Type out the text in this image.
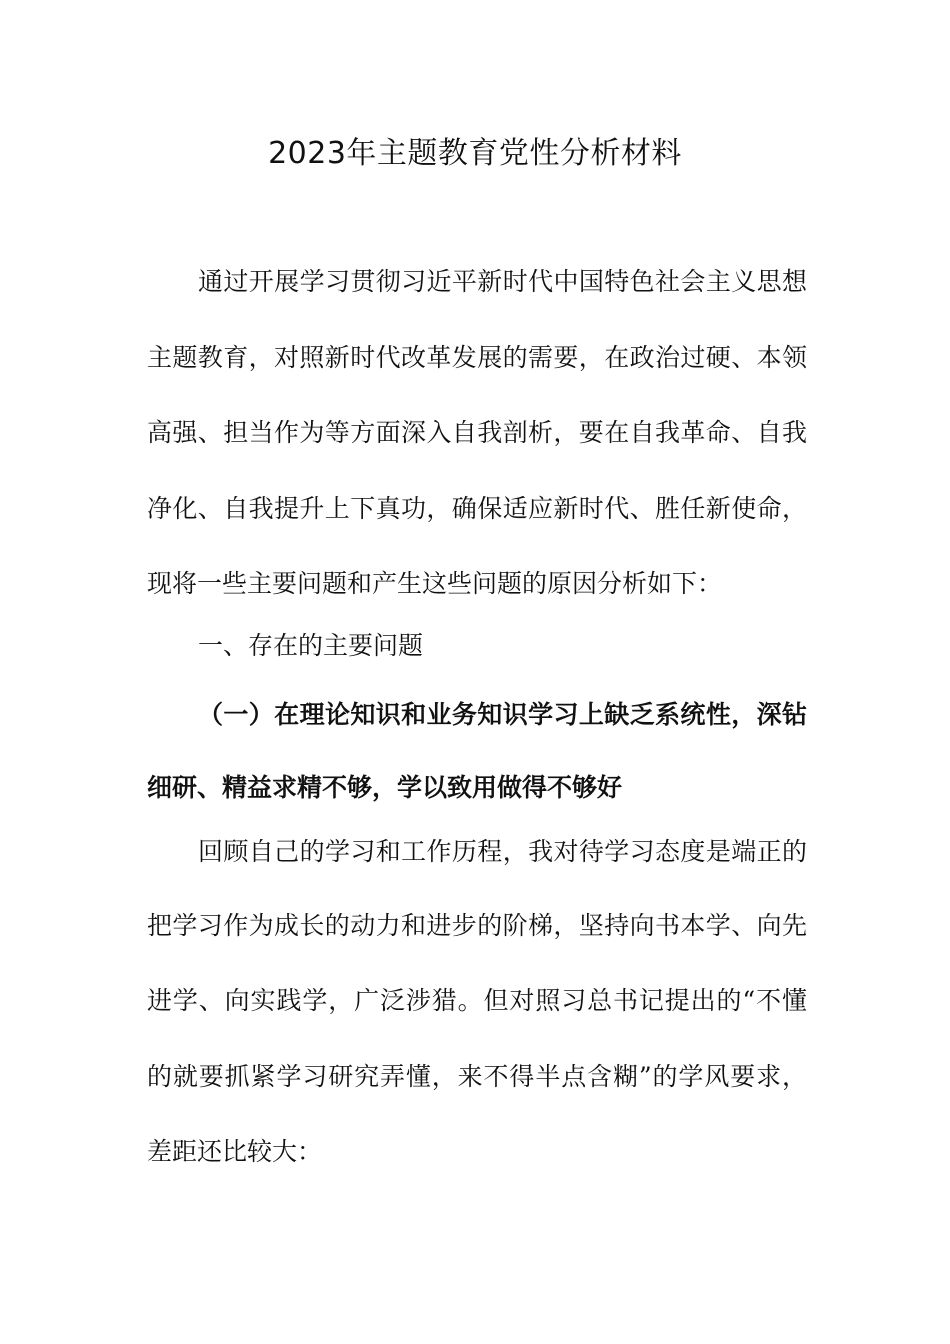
2023年主题教育党性分析材料

通过开展学习贯彻习近平新时代中国特色社会主义思想

主题教育，对照新时代改革发展的需要，在政治过硬、本领

高强、担当作为等方面深入自我剖析，要在自我革命、自我

净化、自我提升上下真功，确保适应新时代、胜任新使命，

现将一些主要问题和产生这些问题的原因分析如下：

一、存在的主要问题

（一）在理论知识和业务知识学习上缺乏系统性，深钻

细研、精益求精不够，学以致用做得不够好

回顾自己的学习和工作历程，我对待学习态度是端正的

把学习作为成长的动力和进步的阶梯，坚持向书本学、向先

进学、向实践学，广泛涉猎。但对照习总书记提出的“不懂

的就要抓紧学习研究弄懂，来不得半点含糊”的学风要求，

差距还比较大：
